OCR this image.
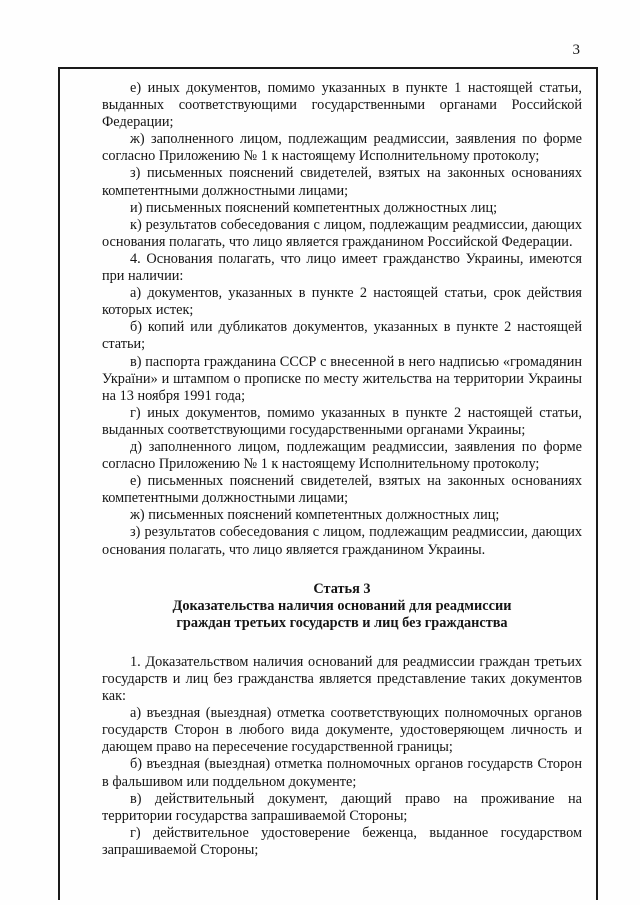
3

е) иных документов, помимо указанных в пункте 1 настоящей статьи, выданных соответствующими государственными органами Российской Федерации;

ж) заполненного лицом, подлежащим реадмиссии, заявления по форме согласно Приложению № 1 к настоящему Исполнительному протоколу;

з) письменных пояснений свидетелей, взятых на законных основаниях компетентными должностными лицами;

и) письменных пояснений компетентных должностных лиц;

к) результатов собеседования с лицом, подлежащим реадмиссии, дающих основания полагать, что лицо является гражданином Российской Федерации.

4. Основания полагать, что лицо имеет гражданство Украины, имеются при наличии:

а) документов, указанных в пункте 2 настоящей статьи, срок действия которых истек;

б) копий или дубликатов документов, указанных в пункте 2 настоящей статьи;

в) паспорта гражданина СССР с внесенной в него надписью «громадянин України» и штампом о прописке по месту жительства на территории Украины на 13 ноября 1991 года;

г) иных документов, помимо указанных в пункте 2 настоящей статьи, выданных соответствующими государственными органами Украины;

д) заполненного лицом, подлежащим реадмиссии, заявления по форме согласно Приложению № 1 к настоящему Исполнительному протоколу;

е) письменных пояснений свидетелей, взятых на законных основаниях компетентными должностными лицами;

ж) письменных пояснений компетентных должностных лиц;

з) результатов собеседования с лицом, подлежащим реадмиссии, дающих основания полагать, что лицо является гражданином Украины.

Статья 3

Доказательства наличия оснований для реадмиссии

граждан третьих государств и лиц без гражданства

1. Доказательством наличия оснований для реадмиссии граждан третьих государств и лиц без гражданства является представление таких документов как:

а) въездная (выездная) отметка соответствующих полномочных органов государств Сторон в любого вида документе, удостоверяющем личность и дающем право на пересечение государственной границы;

б) въездная (выездная) отметка полномочных органов государств Сторон в фальшивом или поддельном документе;

в) действительный документ, дающий право на проживание на территории государства запрашиваемой Стороны;

г) действительное удостоверение беженца, выданное государством запрашиваемой Стороны;
